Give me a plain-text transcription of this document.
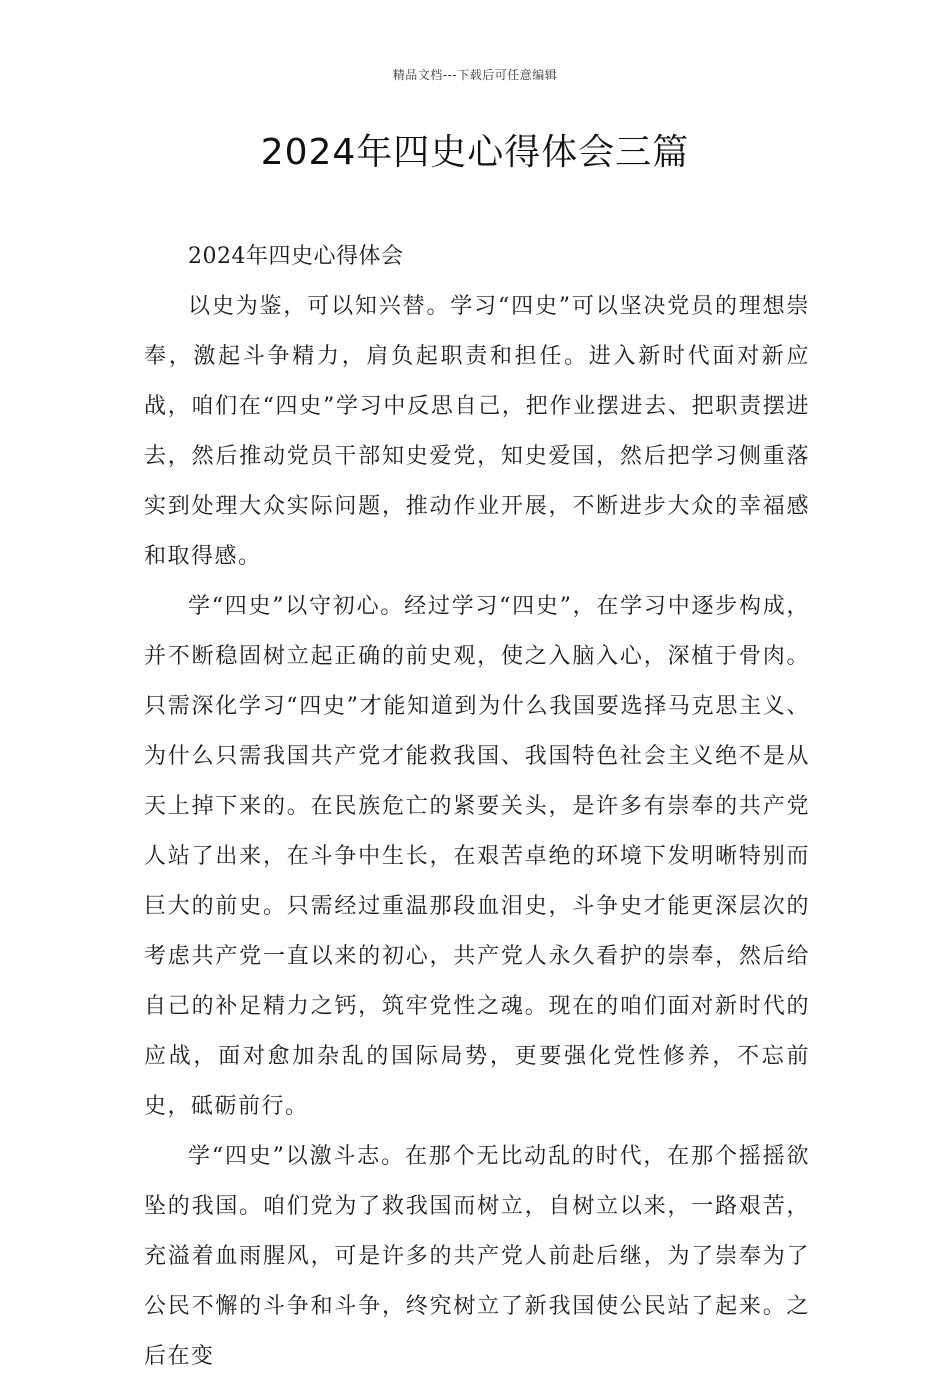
精品文档---下载后可任意编辑
2024年四史心得体会三篇

2024年四史心得体会

以史为鉴，可以知兴替。学习“四史”可以坚决党员的理想崇奉，激起斗争精力，肩负起职责和担任。进入新时代面对新应战，咱们在“四史”学习中反思自己，把作业摆进去、把职责摆进去，然后推动党员干部知史爱党，知史爱国，然后把学习侧重落实到处理大众实际问题，推动作业开展，不断进步大众的幸福感和取得感。

学“四史”以守初心。经过学习“四史”，在学习中逐步构成，并不断稳固树立起正确的前史观，使之入脑入心，深植于骨肉。只需深化学习“四史”才能知道到为什么我国要选择马克思主义、为什么只需我国共产党才能救我国、我国特色社会主义绝不是从天上掉下来的。在民族危亡的紧要关头，是许多有崇奉的共产党人站了出来，在斗争中生长，在艰苦卓绝的环境下发明晰特别而巨大的前史。只需经过重温那段血泪史，斗争史才能更深层次的考虑共产党一直以来的初心，共产党人永久看护的崇奉，然后给自己的补足精力之钙，筑牢党性之魂。现在的咱们面对新时代的应战，面对愈加杂乱的国际局势，更要强化党性修养，不忘前史，砥砺前行。

学“四史”以激斗志。在那个无比动乱的时代，在那个摇摇欲坠的我国。咱们党为了救我国而树立，自树立以来，一路艰苦，充溢着血雨腥风，可是许多的共产党人前赴后继，为了崇奉为了公民不懈的斗争和斗争，终究树立了新我国使公民站了起来。之后在变
